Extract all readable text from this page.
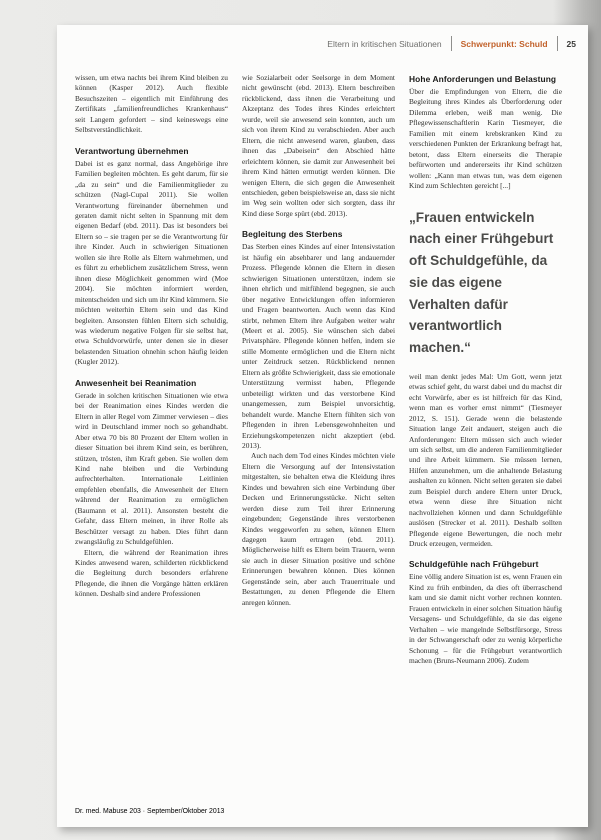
Eltern in kritischen Situationen Schwerpunkt: Schuld 25

wissen, um etwa nachts bei ihrem Kind bleiben zu können (Kasper 2012). Auch flexible Besuchszeiten – eigentlich mit Einführung des Zertifikats „familienfreundliches Krankenhaus“ seit Langem gefordert – sind keineswegs eine Selbstverständlichkeit.

Verantwortung übernehmen

Dabei ist es ganz normal, dass Angehörige ihre Familien begleiten möchten. Es geht darum, für sie „da zu sein“ und die Familienmitglieder zu schützen (Nagl-Cupal 2011). Sie wollen Verantwortung füreinander übernehmen und geraten damit nicht selten in Spannung mit dem eigenen Bedarf (ebd. 2011). Das ist besonders bei Eltern so – sie tragen per se die Verantwortung für ihre Kinder. Auch in schwierigen Situationen wollen sie ihre Rolle als Eltern wahrnehmen, und es führt zu erheblichem zusätzlichem Stress, wenn ihnen diese Möglichkeit genommen wird (Moe 2004). Sie möchten informiert werden, mitentscheiden und sich um ihr Kind kümmern. Sie möchten weiterhin Eltern sein und das Kind begleiten. Ansonsten fühlen Eltern sich schuldig, was wiederum negative Folgen für sie selbst hat, etwa Schuldvorwürfe, unter denen sie in dieser belastenden Situation ohnehin schon häufig leiden (Kugler 2012).

Anwesenheit bei Reanimation

Gerade in solchen kritischen Situationen wie etwa bei der Reanimation eines Kindes werden die Eltern in aller Regel vom Zimmer verwiesen – dies wird in Deutschland immer noch so gehandhabt. Aber etwa 70 bis 80 Prozent der Eltern wollen in dieser Situation bei ihrem Kind sein, es berühren, stützen, trösten, ihm Kraft geben. Sie wollen dem Kind nahe bleiben und die Verbindung aufrechterhalten. Internationale Leitlinien empfehlen ebenfalls, die Anwesenheit der Eltern während der Reanimation zu ermöglichen (Baumann et al. 2011). Ansonsten besteht die Gefahr, dass Eltern meinen, in ihrer Rolle als Beschützer versagt zu haben. Dies führt dann zwangsläufig zu Schuldgefühlen.

Eltern, die während der Reanimation ihres Kindes anwesend waren, schilderten rückblickend die Begleitung durch besonders erfahrene Pflegende, die ihnen die Vorgänge hätten erklären können. Deshalb sind andere Professionen

wie Sozialarbeit oder Seelsorge in dem Moment nicht gewünscht (ebd. 2013). Eltern beschreiben rückblickend, dass ihnen die Verarbeitung und Akzeptanz des Todes ihres Kindes erleichtert wurde, weil sie anwesend sein konnten, auch um sich von ihrem Kind zu verabschieden. Aber auch Eltern, die nicht anwesend waren, glauben, dass ihnen das „Dabeisein“ den Abschied hätte erleichtern können, sie damit zur Anwesenheit bei ihrem Kind hätten ermutigt werden können. Die wenigen Eltern, die sich gegen die Anwesenheit entschieden, geben beispielsweise an, dass sie nicht im Weg sein wollten oder sich sorgten, dass ihr Kind diese Sorge spürt (ebd. 2013).

Begleitung des Sterbens

Das Sterben eines Kindes auf einer Intensivstation ist häufig ein absehbarer und lang andauernder Prozess. Pflegende können die Eltern in diesen schwierigen Situationen unterstützen, indem sie ihnen ehrlich und mitfühlend begegnen, sie auch über negative Entwicklungen offen informieren und Fragen beantworten. Auch wenn das Kind stirbt, nehmen Eltern ihre Aufgaben weiter wahr (Meert et al. 2005). Sie wünschen sich dabei Privatsphäre. Pflegende können helfen, indem sie stille Momente ermöglichen und die Eltern nicht unter Zeitdruck setzen. Rückblickend nennen Eltern als größte Schwierigkeit, dass sie emotionale Unterstützung vermisst haben, Pflegende unbeteiligt wirkten und das verstorbene Kind unangemessen, zum Beispiel unvorsichtig, behandelt wurde. Manche Eltern fühlten sich von Pflegenden in ihren Lebensgewohnheiten und Erziehungskompetenzen nicht akzeptiert (ebd. 2013).

Auch nach dem Tod eines Kindes möchten viele Eltern die Versorgung auf der Intensivstation mitgestalten, sie behalten etwa die Kleidung ihres Kindes und bewahren sich eine Verbindung über Decken und Erinnerungsstücke. Nicht selten werden diese zum Teil ihrer Erinnerung eingebunden; Gegenstände ihres verstorbenen Kindes weggeworfen zu sehen, können Eltern dagegen kaum ertragen (ebd. 2011). Möglicherweise hilft es Eltern beim Trauern, wenn sie auch in dieser Situation positive und schöne Erinnerungen bewahren können. Dies können Gegenstände sein, aber auch Trauerrituale und Bestattungen, zu denen Pflegende die Eltern anregen können.

Hohe Anforderungen und Belastung

Über die Empfindungen von Eltern, die die Begleitung ihres Kindes als Überforderung oder Dilemma erleben, weiß man wenig. Die Pflegewissenschaftlerin Karin Tiesmeyer, die Familien mit einem krebskranken Kind zu verschiedenen Punkten der Erkrankung befragt hat, betont, dass Eltern einerseits die Therapie befürworten und andererseits ihr Kind schützen wollen: „Kann man etwas tun, was dem eigenen Kind zum Schlechten gereicht [...]

„Frauen entwickeln nach einer Frühgeburt oft Schuldgefühle, da sie das eigene Verhalten dafür verantwortlich machen.“

weil man denkt jedes Mal: Um Gott, wenn jetzt etwas schief geht, du warst dabei und du machst dir echt Vorwürfe, aber es ist hilfreich für das Kind, wenn man es vorher ernst nimmt“ (Tiesmeyer 2012, S. 151). Gerade wenn die belastende Situation lange Zeit andauert, steigen auch die Anforderungen: Eltern müssen sich auch wieder um sich selbst, um die anderen Familienmitglieder und ihre Arbeit kümmern. Sie müssen lernen, Hilfen anzunehmen, um die anhaltende Belastung aushalten zu können. Nicht selten geraten sie dabei zum Beispiel durch andere Eltern unter Druck, etwa wenn diese ihre Situation nicht nachvollziehen können und dann Schuldgefühle auslösen (Strecker et al. 2011). Deshalb sollten Pflegende eigene Bewertungen, die noch mehr Druck erzeugen, vermeiden.

Schuldgefühle nach Frühgeburt

Eine völlig andere Situation ist es, wenn Frauen ein Kind zu früh entbinden, da dies oft überraschend kam und sie damit nicht vorher rechnen konnten. Frauen entwickeln in einer solchen Situation häufig Versagens- und Schuldgefühle, da sie das eigene Verhalten – wie mangelnde Selbstfürsorge, Stress in der Schwangerschaft oder zu wenig körperliche Schonung – für die Frühgeburt verantwortlich machen (Bruns-Neumann 2006). Zudem

Dr. med. Mabuse 203 · September/Oktober 2013
